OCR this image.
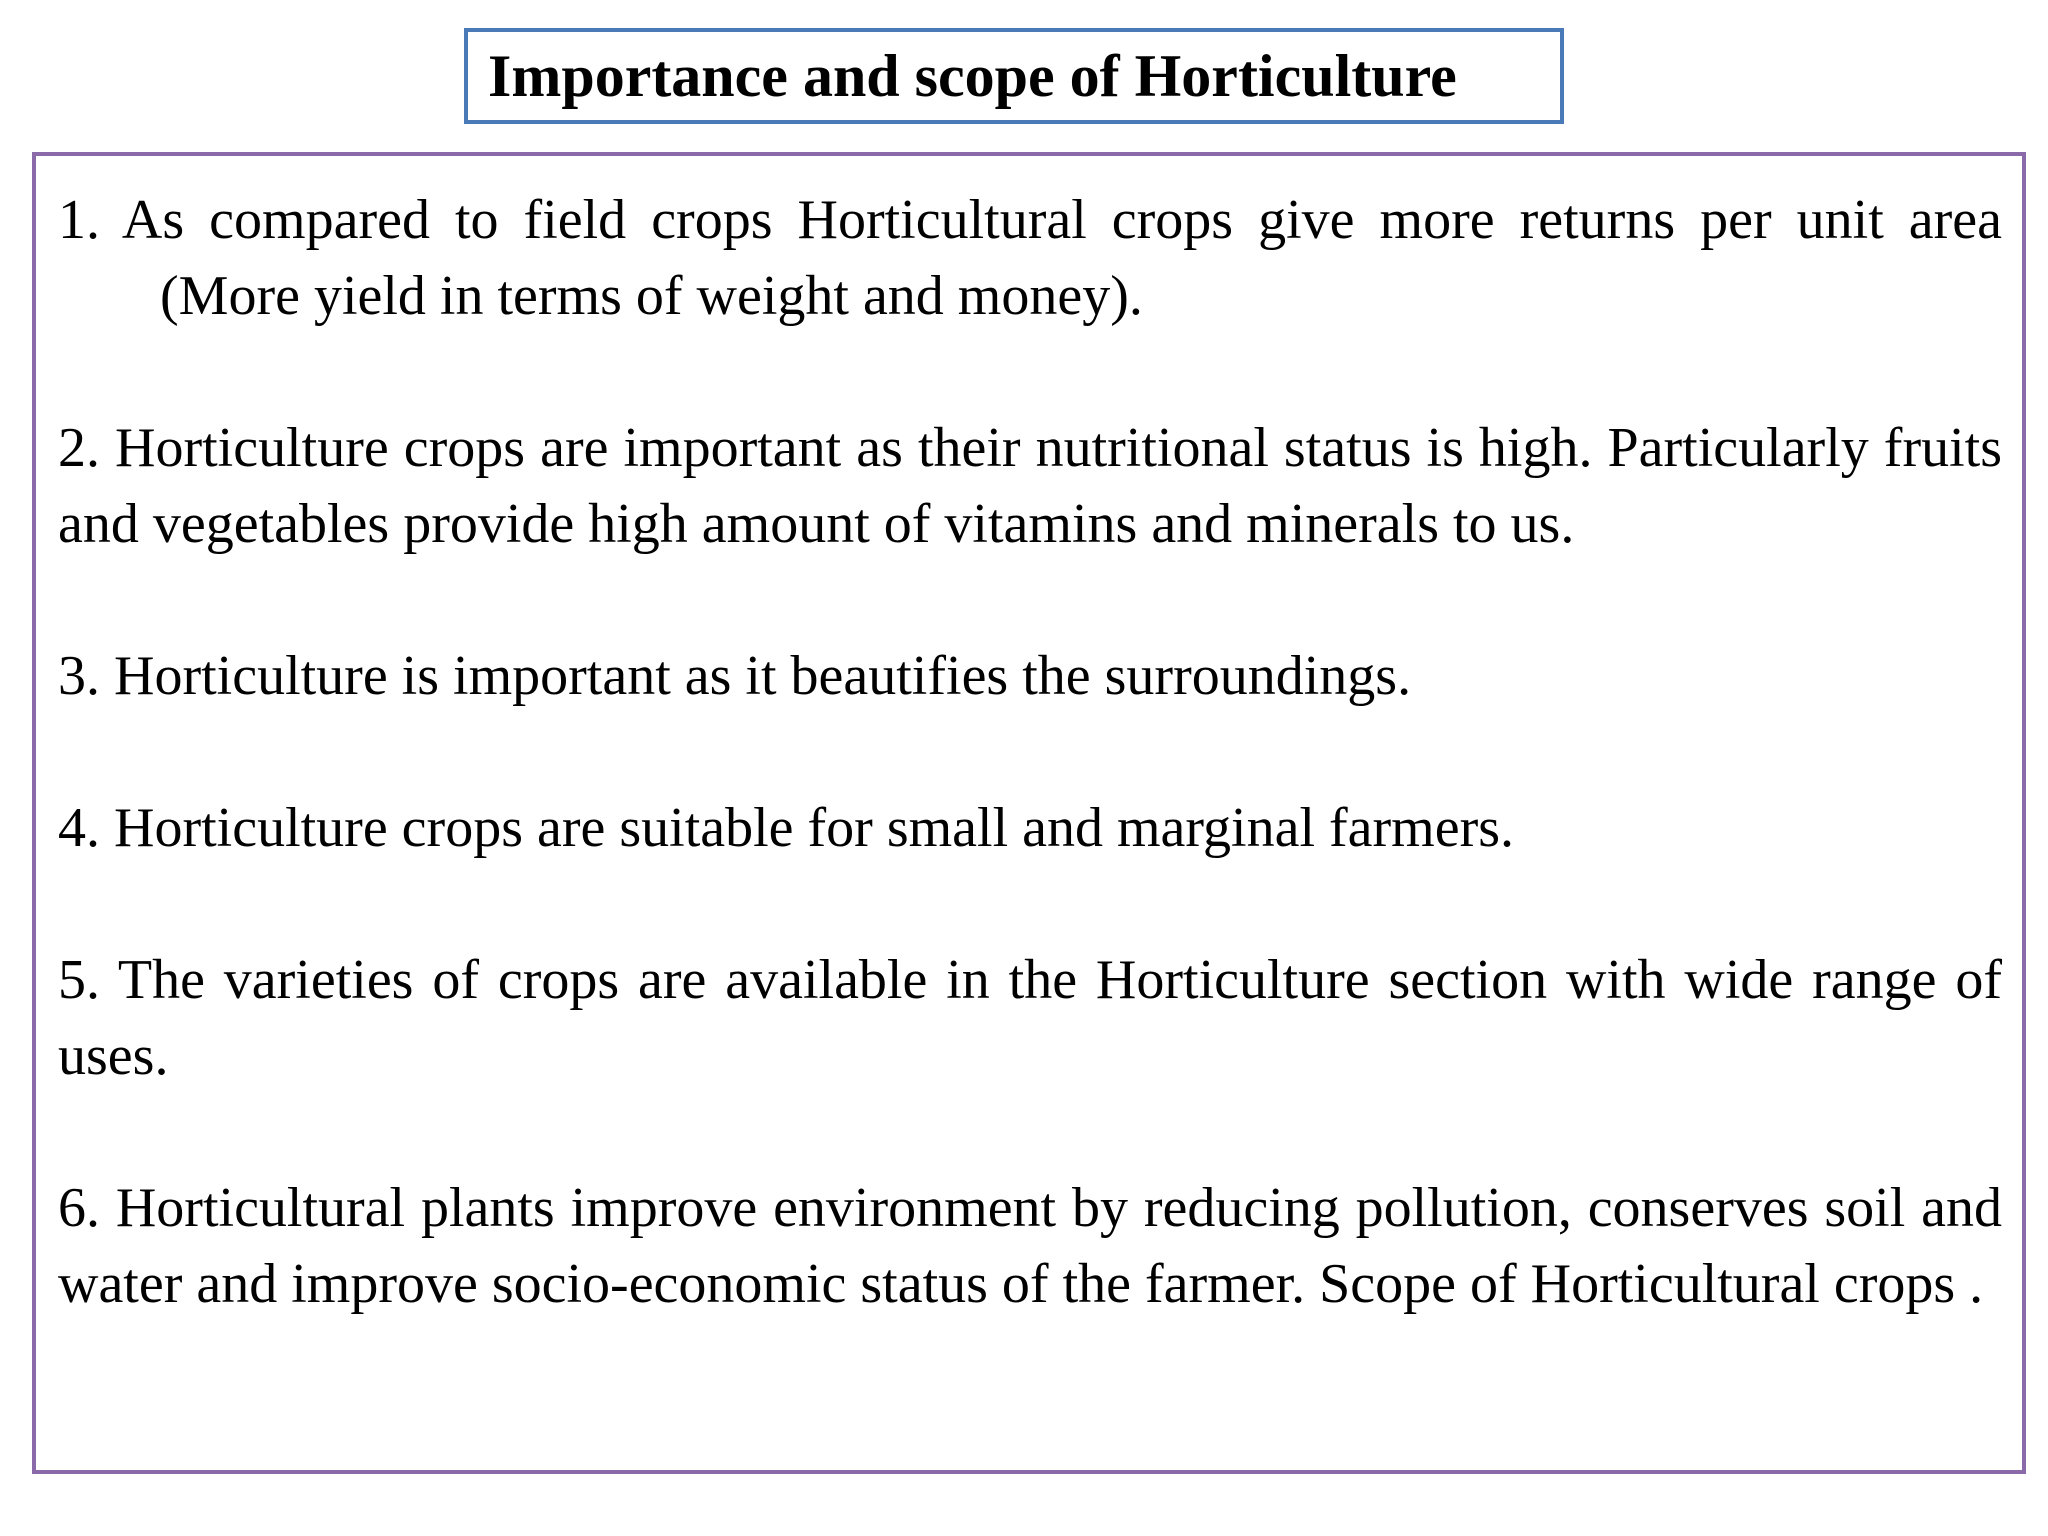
Importance and scope of Horticulture

1. As compared to field crops Horticultural crops give more returns per unit area (More yield in terms of weight and money).

2. Horticulture crops are important as their nutritional status is high. Particularly fruits and vegetables provide high amount of vitamins and minerals to us.

3. Horticulture is important as it beautifies the surroundings.

4. Horticulture crops are suitable for small and marginal farmers.

5. The varieties of crops are available in the Horticulture section with wide range of uses.

6. Horticultural plants improve environment by reducing pollution, conserves soil and water and improve socio-economic status of the farmer. Scope of Horticultural crops .
